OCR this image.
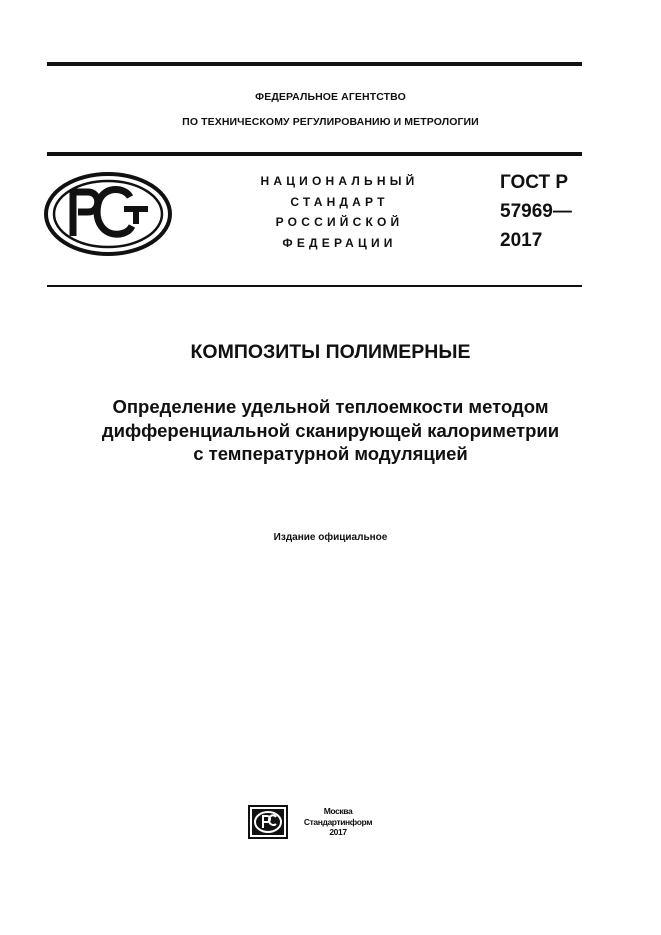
ФЕДЕРАЛЬНОЕ АГЕНТСТВО
ПО ТЕХНИЧЕСКОМУ РЕГУЛИРОВАНИЮ И МЕТРОЛОГИИ
НАЦИОНАЛЬНЫЙ
СТАНДАРТ
РОССИЙСКОЙ
ФЕДЕРАЦИИ
ГОСТ Р
57969—
2017
КОМПОЗИТЫ ПОЛИМЕРНЫЕ
Определение удельной теплоемкости методом
дифференциальной сканирующей калориметрии
с температурной модуляцией
Издание официальное
Москва
Стандартинформ
2017
